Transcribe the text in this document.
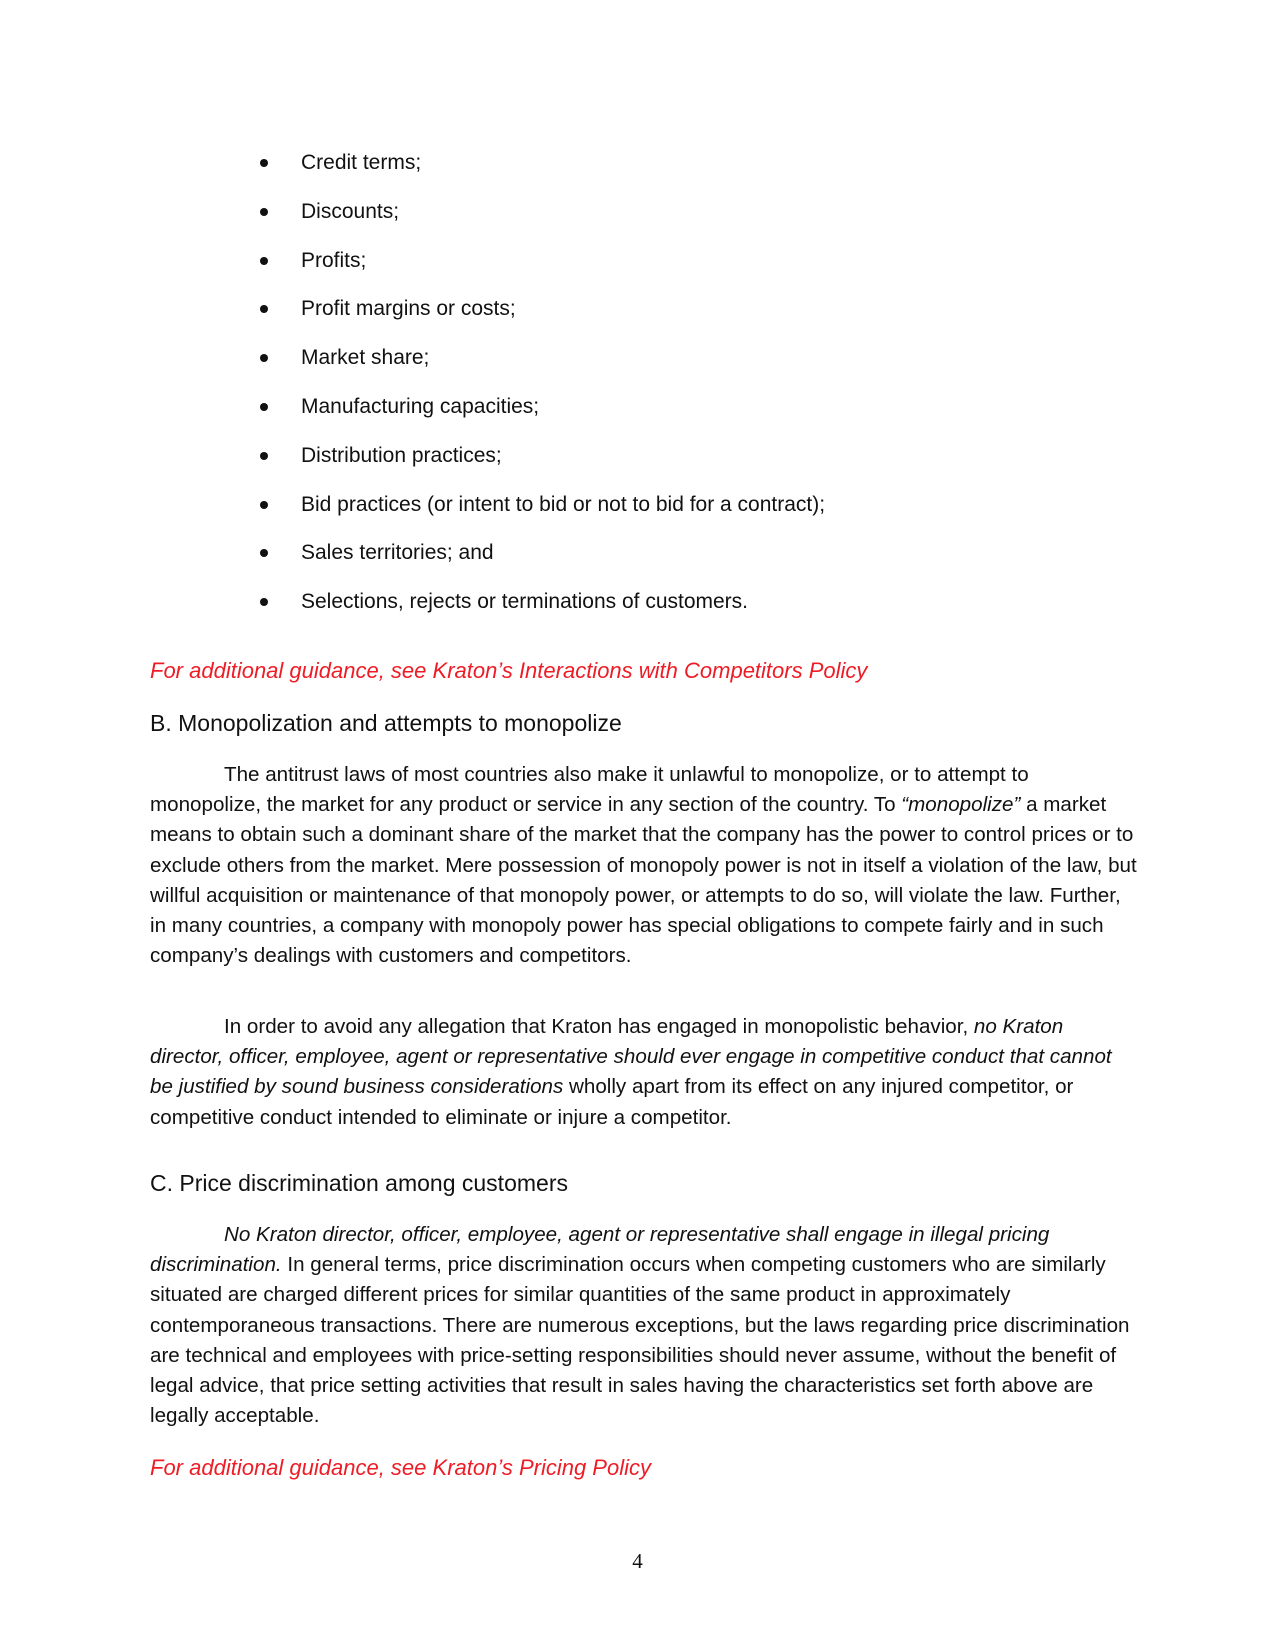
Credit terms;
Discounts;
Profits;
Profit margins or costs;
Market share;
Manufacturing capacities;
Distribution practices;
Bid practices (or intent to bid or not to bid for a contract);
Sales territories; and
Selections, rejects or terminations of customers.

For additional guidance, see Kraton’s Interactions with Competitors Policy

B. Monopolization and attempts to monopolize

The antitrust laws of most countries also make it unlawful to monopolize, or to attempt to monopolize, the market for any product or service in any section of the country. To “monopolize” a market means to obtain such a dominant share of the market that the company has the power to control prices or to exclude others from the market. Mere possession of monopoly power is not in itself a violation of the law, but willful acquisition or maintenance of that monopoly power, or attempts to do so, will violate the law. Further, in many countries, a company with monopoly power has special obligations to compete fairly and in such company’s dealings with customers and competitors.

In order to avoid any allegation that Kraton has engaged in monopolistic behavior, no Kraton director, officer, employee, agent or representative should ever engage in competitive conduct that cannot be justified by sound business considerations wholly apart from its effect on any injured competitor, or competitive conduct intended to eliminate or injure a competitor.

C. Price discrimination among customers

No Kraton director, officer, employee, agent or representative shall engage in illegal pricing discrimination. In general terms, price discrimination occurs when competing customers who are similarly situated are charged different prices for similar quantities of the same product in approximately contemporaneous transactions. There are numerous exceptions, but the laws regarding price discrimination are technical and employees with price-setting responsibilities should never assume, without the benefit of legal advice, that price setting activities that result in sales having the characteristics set forth above are legally acceptable.

For additional guidance, see Kraton’s Pricing Policy

4
